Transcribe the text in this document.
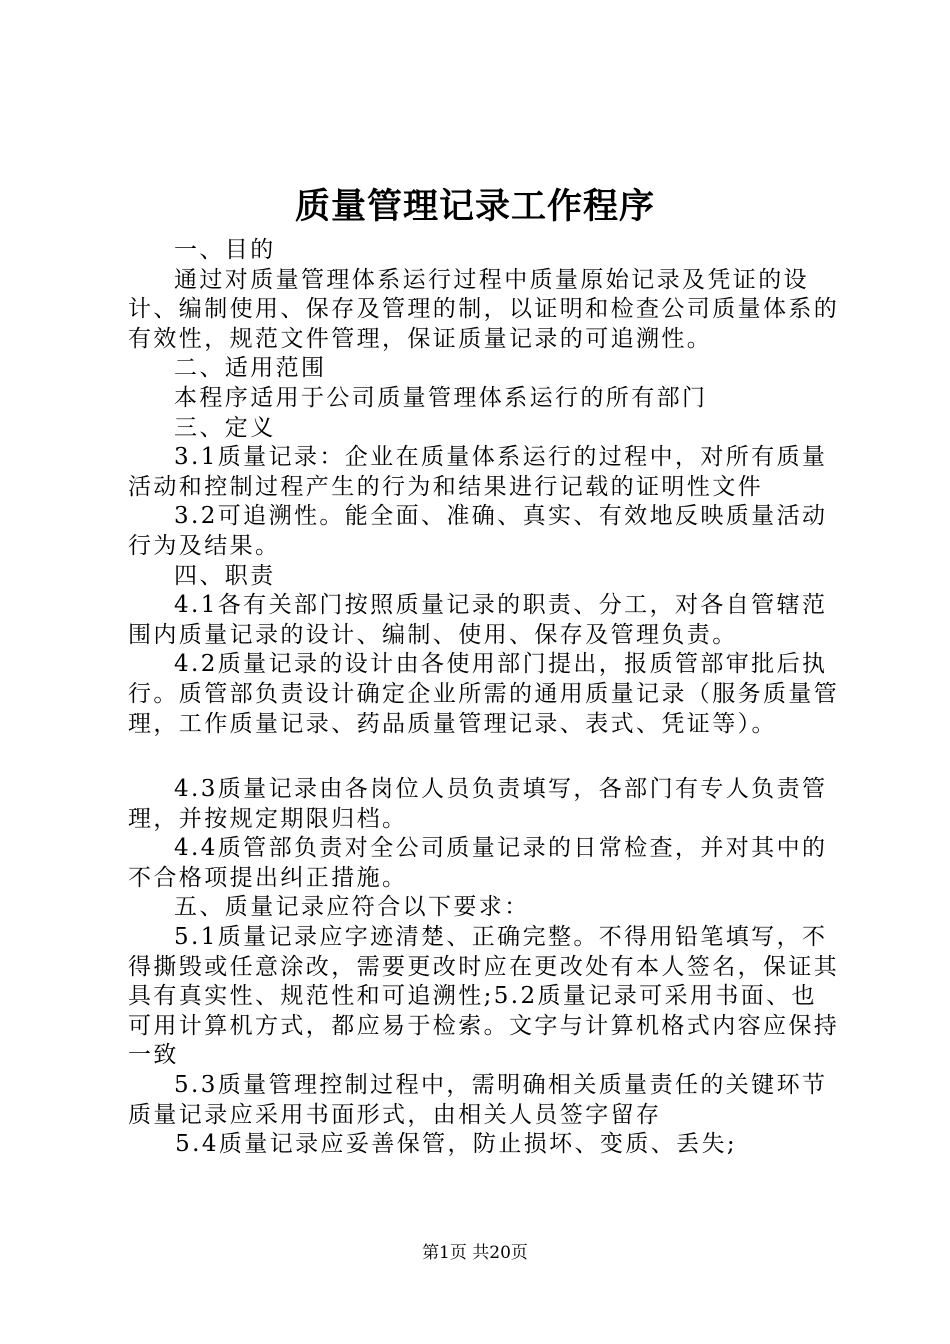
质量管理记录工作程序

一、目的

通过对质量管理体系运行过程中质量原始记录及凭证的设计、编制使用、保存及管理的制，以证明和检查公司质量体系的有效性，规范文件管理，保证质量记录的可追溯性。

二、适用范围

本程序适用于公司质量管理体系运行的所有部门

三、定义

3.1质量记录：企业在质量体系运行的过程中，对所有质量活动和控制过程产生的行为和结果进行记载的证明性文件

3.2可追溯性。能全面、准确、真实、有效地反映质量活动行为及结果。

四、职责

4.1各有关部门按照质量记录的职责、分工，对各自管辖范围内质量记录的设计、编制、使用、保存及管理负责。

4.2质量记录的设计由各使用部门提出，报质管部审批后执行。质管部负责设计确定企业所需的通用质量记录（服务质量管理，工作质量记录、药品质量管理记录、表式、凭证等）。

4.3质量记录由各岗位人员负责填写，各部门有专人负责管理，并按规定期限归档。

4.4质管部负责对全公司质量记录的日常检查，并对其中的不合格项提出纠正措施。

五、质量记录应符合以下要求：

5.1质量记录应字迹清楚、正确完整。不得用铅笔填写，不得撕毁或任意涂改，需要更改时应在更改处有本人签名，保证其具有真实性、规范性和可追溯性;5.2质量记录可采用书面、也可用计算机方式，都应易于检索。文字与计算机格式内容应保持一致

5.3质量管理控制过程中，需明确相关质量责任的关键环节质量记录应采用书面形式，由相关人员签字留存

5.4质量记录应妥善保管，防止损坏、变质、丢失;

第1页 共20页
